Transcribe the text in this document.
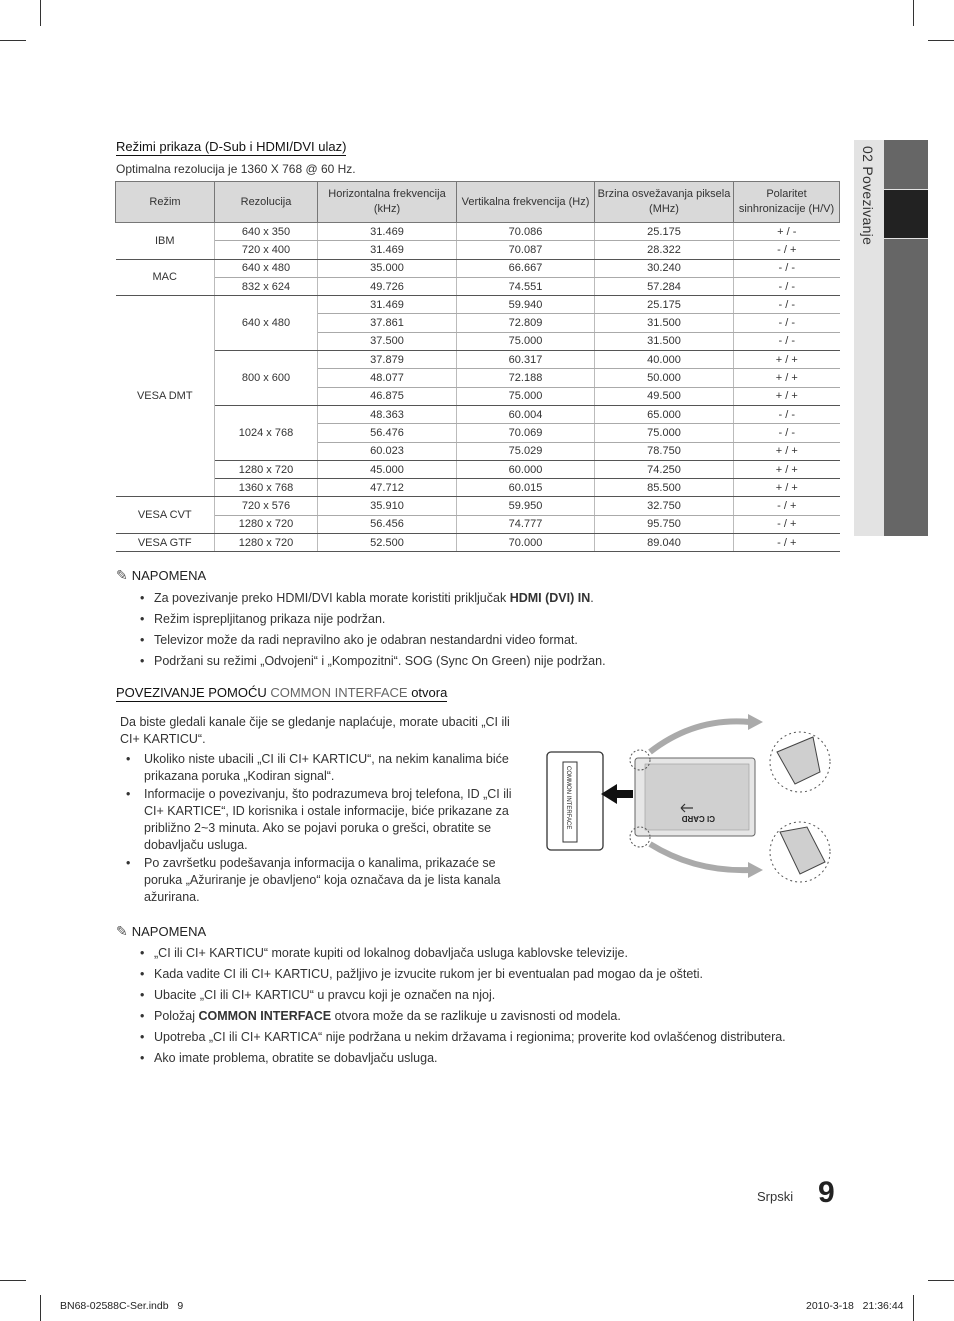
02 Povezivanje
Režimi prikaza (D-Sub i HDMI/DVI ulaz)
Optimalna rezolucija je 1360 X 768 @ 60 Hz.
Režim	Rezolucija	Horizontalna frekvencija (kHz)	Vertikalna frekvencija (Hz)	Brzina osvežavanja piksela (MHz)	Polaritet sinhronizacije (H/V)
IBM	640 x 350	31.469	70.086	25.175	+ / -
	720 x 400	31.469	70.087	28.322	- / +
MAC	640 x 480	35.000	66.667	30.240	- / -
	832 x 624	49.726	74.551	57.284	- / -
VESA DMT	640 x 480	31.469	59.940	25.175	- / -
		37.861	72.809	31.500	- / -
		37.500	75.000	31.500	- / -
	800 x 600	37.879	60.317	40.000	+ / +
		48.077	72.188	50.000	+ / +
		46.875	75.000	49.500	+ / +
	1024 x 768	48.363	60.004	65.000	- / -
		56.476	70.069	75.000	- / -
		60.023	75.029	78.750	+ / +
	1280 x 720	45.000	60.000	74.250	+ / +
	1360 x 768	47.712	60.015	85.500	+ / +
VESA CVT	720 x 576	35.910	59.950	32.750	- / +
	1280 x 720	56.456	74.777	95.750	- / +
VESA GTF	1280 x 720	52.500	70.000	89.040	- / +
✎ NAPOMENA
• Za povezivanje preko HDMI/DVI kabla morate koristiti priključak HDMI (DVI) IN.
• Režim isprepljitanog prikaza nije podržan.
• Televizor može da radi nepravilno ako je odabran nestandardni video format.
• Podržani su režimi „Odvojeni“ i „Kompozitni“. SOG (Sync On Green) nije podržan.
POVEZIVANJE POMOĆU COMMON INTERFACE otvora
Da biste gledali kanale čije se gledanje naplaćuje, morate ubaciti „CI ili CI+ KARTICU“.
• Ukoliko niste ubacili „CI ili CI+ KARTICU“, na nekim kanalima biće prikazana poruka „Kodiran signal“.
• Informacije o povezivanju, što podrazumeva broj telefona, ID „CI ili CI+ KARTICE“, ID korisnika i ostale informacije, biće prikazane za približno 2~3 minuta. Ako se pojavi poruka o grešci, obratite se dobavljaču usluga.
• Po završetku podešavanja informacija o kanalima, prikazaće se poruka „Ažuriranje je obavljeno“ koja označava da je lista kanala ažurirana.
COMMON INTERFACE	CI CARD
✎ NAPOMENA
• „CI ili CI+ KARTICU“ morate kupiti od lokalnog dobavljača usluga kablovske televizije.
• Kada vadite CI ili CI+ KARTICU, pažljivo je izvucite rukom jer bi eventualan pad mogao da je ošteti.
• Ubacite „CI ili CI+ KARTICU“ u pravcu koji je označen na njoj.
• Položaj COMMON INTERFACE otvora može da se razlikuje u zavisnosti od modela.
• Upotreba „CI ili CI+ KARTICA“ nije podržana u nekim državama i regionima; proverite kod ovlašćenog distributera.
• Ako imate problema, obratite se dobavljaču usluga.
Srpski 9
BN68-02588C-Ser.indb   9	2010-3-18   21:36:44
